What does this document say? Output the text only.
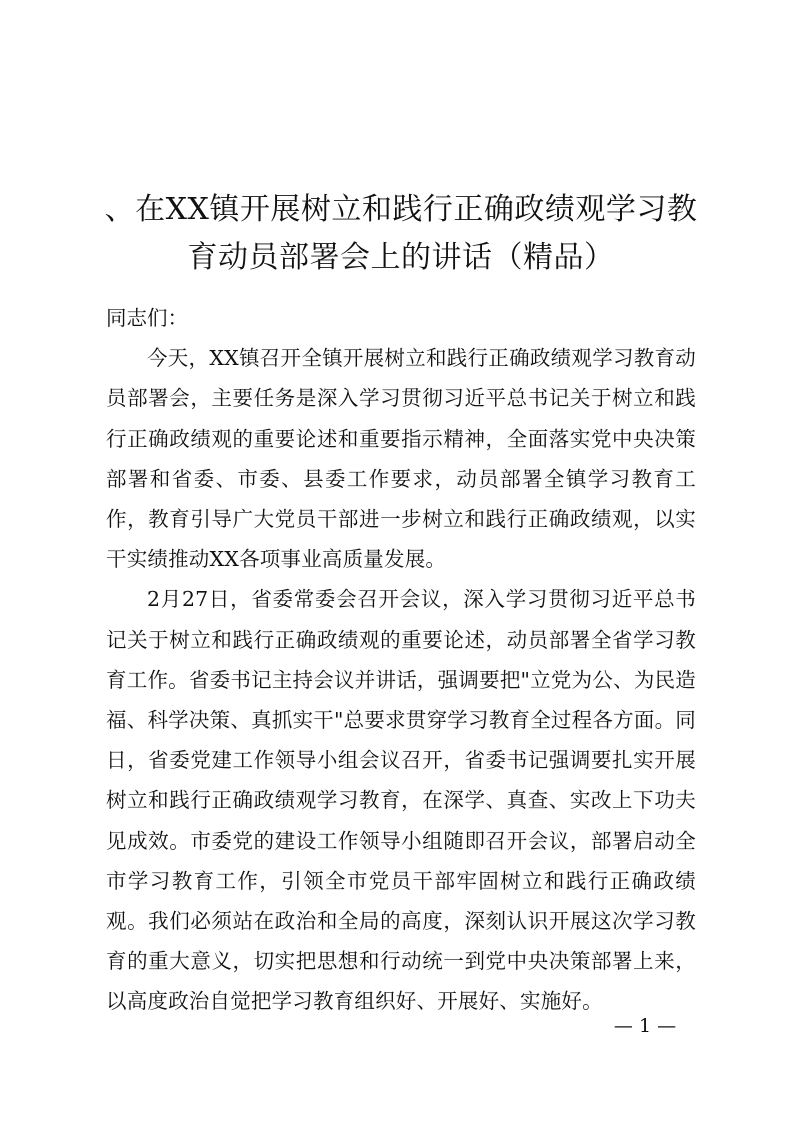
、在XX镇开展树立和践行正确政绩观学习教
育动员部署会上的讲话（精品）
同志们：

今天，XX镇召开全镇开展树立和践行正确政绩观学习教育动员部署会，主要任务是深入学习贯彻习近平总书记关于树立和践行正确政绩观的重要论述和重要指示精神，全面落实党中央决策部署和省委、市委、县委工作要求，动员部署全镇学习教育工作，教育引导广大党员干部进一步树立和践行正确政绩观，以实干实绩推动XX各项事业高质量发展。

2月27日，省委常委会召开会议，深入学习贯彻习近平总书记关于树立和践行正确政绩观的重要论述，动员部署全省学习教育工作。省委书记主持会议并讲话，强调要把"立党为公、为民造福、科学决策、真抓实干"总要求贯穿学习教育全过程各方面。同日，省委党建工作领导小组会议召开，省委书记强调要扎实开展树立和践行正确政绩观学习教育，在深学、真查、实改上下功夫见成效。市委党的建设工作领导小组随即召开会议，部署启动全市学习教育工作，引领全市党员干部牢固树立和践行正确政绩观。我们必须站在政治和全局的高度，深刻认识开展这次学习教育的重大意义，切实把思想和行动统一到党中央决策部署上来，以高度政治自觉把学习教育组织好、开展好、实施好。

— 1 —
